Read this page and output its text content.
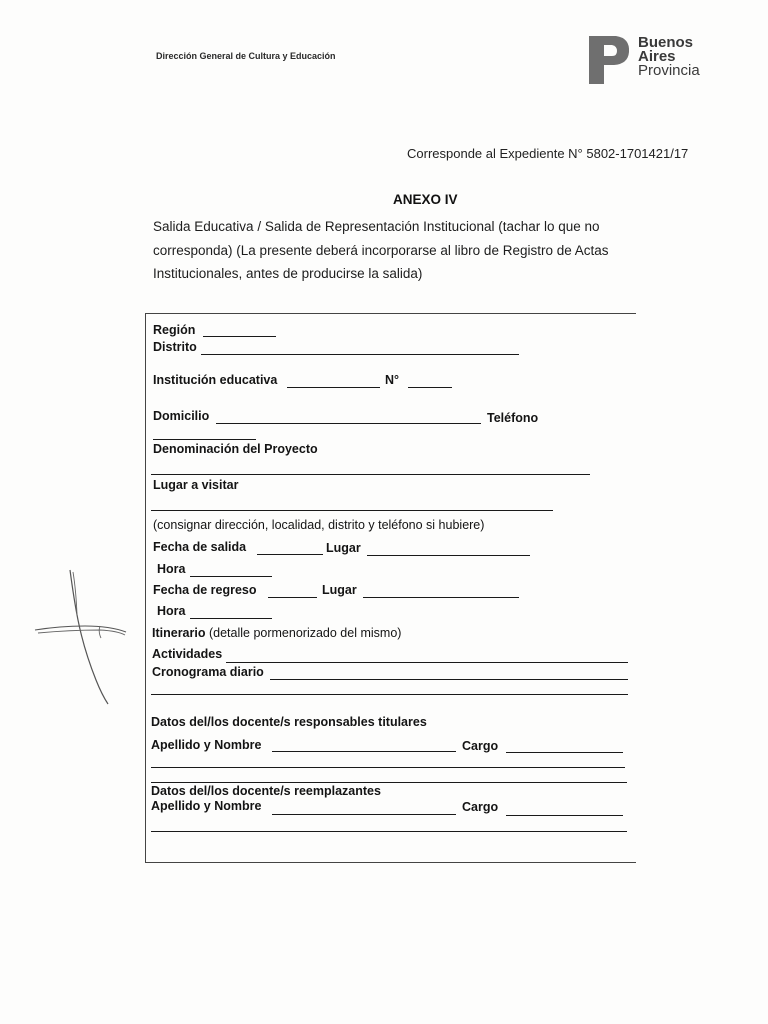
Dirección General de Cultura y Educación
Buenos
Aires
Provincia
Corresponde al Expediente N° 5802-1701421/17
ANEXO IV
Salida Educativa / Salida de Representación Institucional (tachar lo que no
corresponda) (La presente deberá incorporarse al libro de Registro de Actas
Institucionales, antes de producirse la salida)
Región
Distrito
Institución educativa	N°
Domicilio	Teléfono
Denominación del Proyecto
Lugar a visitar
(consignar dirección, localidad, distrito y teléfono si hubiere)
Fecha de salida	Lugar
Hora
Fecha de regreso	Lugar
Hora
Itinerario (detalle pormenorizado del mismo)
Actividades
Cronograma diario
Datos del/los docente/s responsables titulares
Apellido y Nombre	Cargo
Datos del/los docente/s reemplazantes
Apellido y Nombre	Cargo
